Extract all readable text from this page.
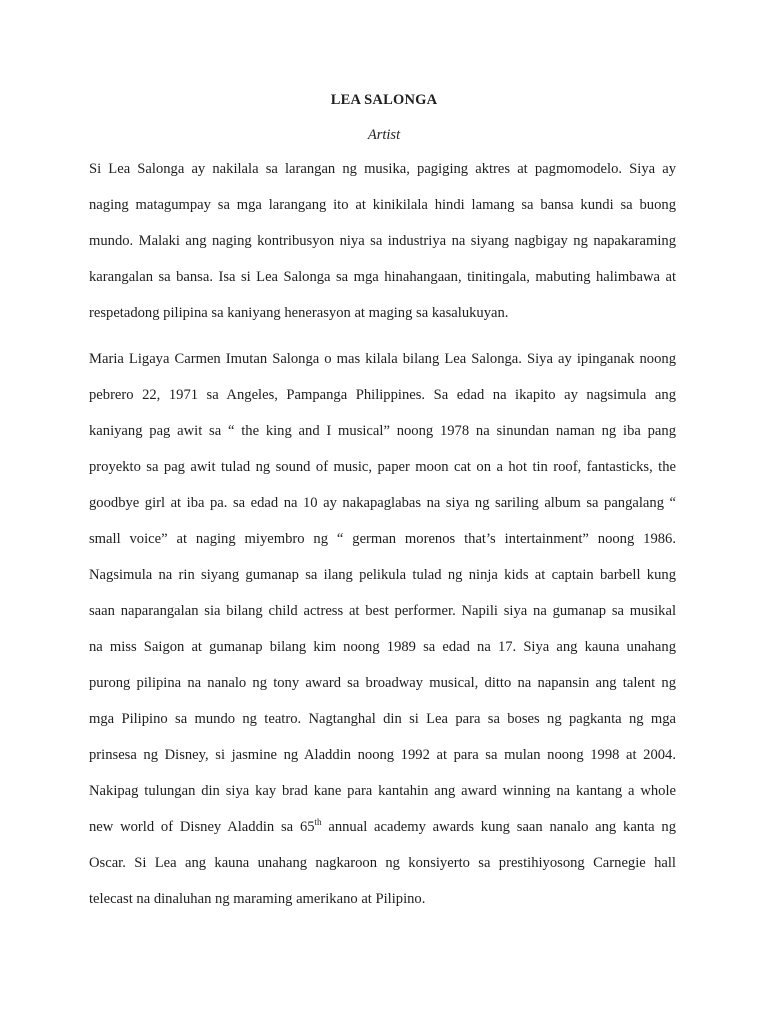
LEA SALONGA
Artist
Si Lea Salonga ay nakilala sa larangan ng musika, pagiging aktres at pagmomodelo. Siya ay
naging matagumpay sa mga larangang ito at kinikilala hindi lamang sa bansa kundi sa buong
mundo. Malaki ang naging kontribusyon niya sa industriya na siyang nagbigay ng napakaraming
karangalan sa bansa. Isa si Lea Salonga sa mga hinahangaan, tinitingala, mabuting halimbawa at
respetadong pilipina sa kaniyang henerasyon at maging sa kasalukuyan.
Maria Ligaya Carmen Imutan Salonga o mas kilala bilang Lea Salonga. Siya ay ipinganak noong
pebrero 22, 1971 sa Angeles, Pampanga Philippines. Sa edad na ikapito ay nagsimula ang
kaniyang pag awit sa “ the king and I musical” noong 1978 na sinundan naman ng iba pang
proyekto sa pag awit tulad ng sound of music, paper moon cat on a hot tin roof, fantasticks, the
goodbye girl at iba pa. sa edad na 10 ay nakapaglabas na siya ng sariling album sa pangalang “
small voice” at naging miyembro ng “ german morenos that’s intertainment” noong 1986.
Nagsimula na rin siyang gumanap sa ilang pelikula tulad ng ninja kids at captain barbell kung
saan naparangalan sia bilang child actress at best performer. Napili siya na gumanap sa musikal
na miss Saigon at gumanap bilang kim noong 1989 sa edad na 17. Siya ang kauna unahang
purong pilipina na nanalo ng tony award sa broadway musical, ditto na napansin ang talent ng
mga Pilipino sa mundo ng teatro. Nagtanghal din si Lea para sa boses ng pagkanta ng mga
prinsesa ng Disney, si jasmine ng Aladdin noong 1992 at para sa mulan noong 1998 at 2004.
Nakipag tulungan din siya kay brad kane para kantahin ang award winning na kantang a whole
new world of Disney Aladdin sa 65th annual academy awards kung saan nanalo ang kanta ng
Oscar. Si Lea ang kauna unahang nagkaroon ng konsiyerto sa prestihiyosong Carnegie hall
telecast na dinaluhan ng maraming amerikano at Pilipino.
